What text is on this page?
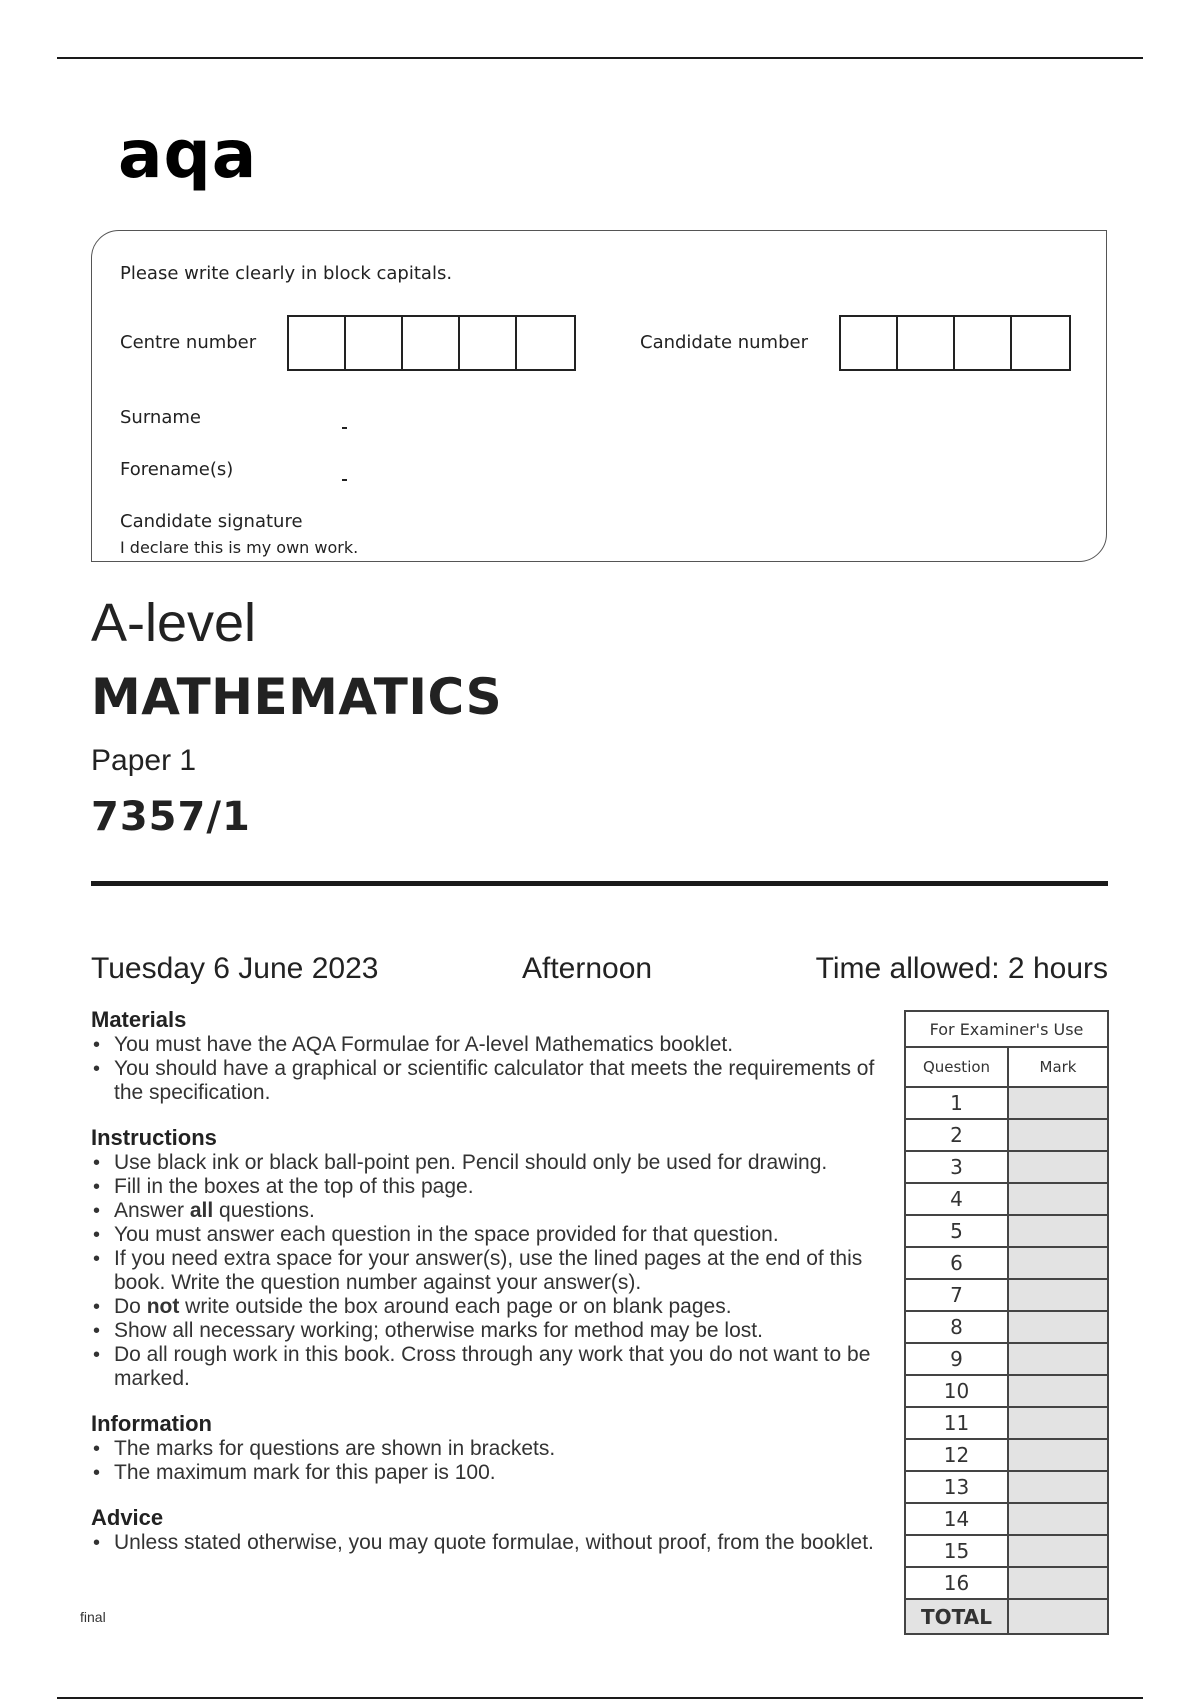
aqa
Please write clearly in block capitals.
Centre number	Candidate number
Surname
Forename(s)
Candidate signature
I declare this is my own work.
A-level
MATHEMATICS
Paper 1
7357/1
Tuesday 6 June 2023	Afternoon	Time allowed: 2 hours
Materials
• You must have the AQA Formulae for A-level Mathematics booklet.
• You should have a graphical or scientific calculator that meets the requirements of the specification.
Instructions
• Use black ink or black ball-point pen. Pencil should only be used for drawing.
• Fill in the boxes at the top of this page.
• Answer all questions.
• You must answer each question in the space provided for that question.
• If you need extra space for your answer(s), use the lined pages at the end of this book. Write the question number against your answer(s).
• Do not write outside the box around each page or on blank pages.
• Show all necessary working; otherwise marks for method may be lost.
• Do all rough work in this book. Cross through any work that you do not want to be marked.
Information
• The marks for questions are shown in brackets.
• The maximum mark for this paper is 100.
Advice
• Unless stated otherwise, you may quote formulae, without proof, from the booklet.
final
For Examiner's Use	
Question	Mark
1	
2	
3	
4	
5	
6	
7	
8	
9	
10	
11	
12	
13	
14	
15	
16	
TOTAL	
